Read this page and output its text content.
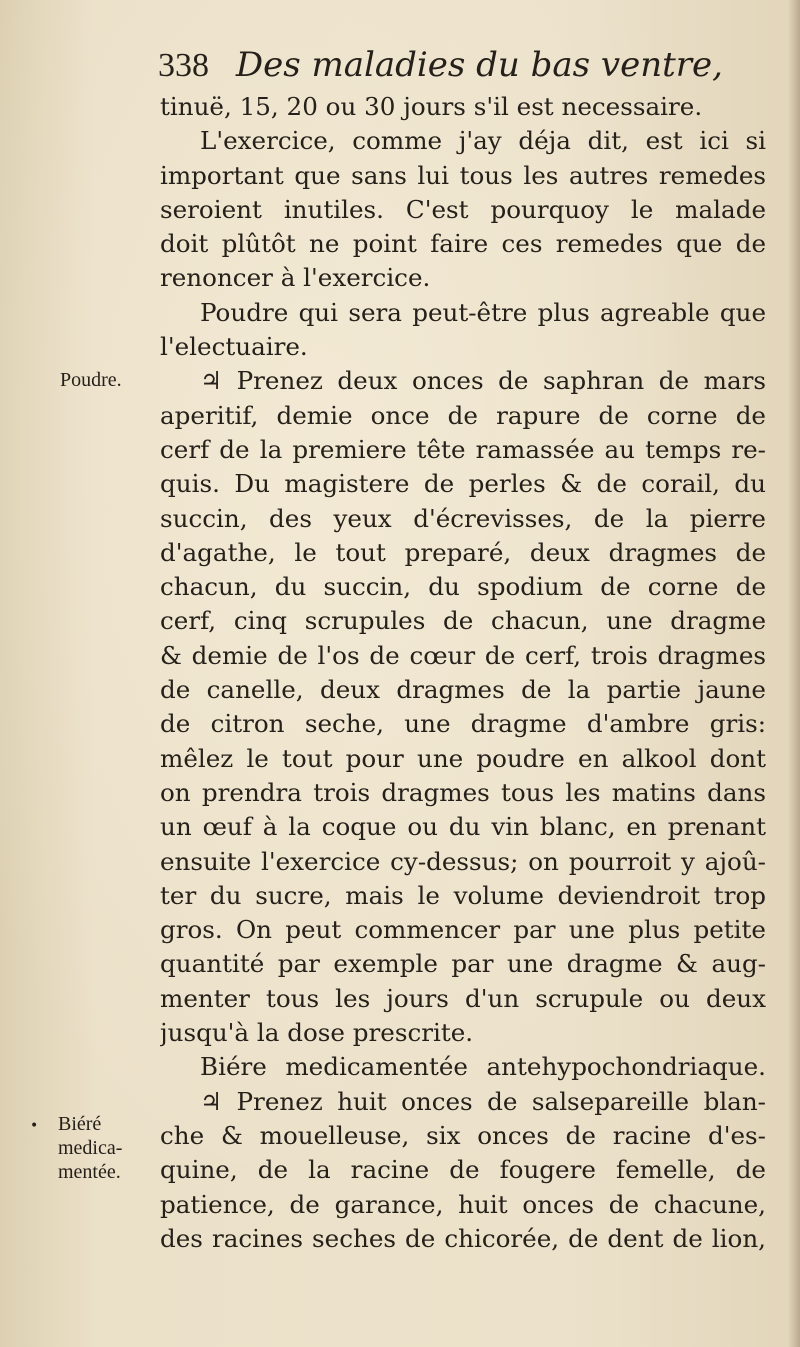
338 Des maladies du bas ventre,
Poudre.
• Biéré
medica-
mentée.
tinuë, 15, 20 ou 30 jours s'il est necessaire.
L'exercice, comme j'ay déja dit, est ici si
important que sans lui tous les autres remedes
seroient inutiles. C'est pourquoy le malade
doit plûtôt ne point faire ces remedes que de
renoncer à l'exercice.
Poudre qui sera peut-être plus agreable que
l'electuaire.
♃ Prenez deux onces de saphran de mars
aperitif, demie once de rapure de corne de
cerf de la premiere tête ramassée au temps re-
quis. Du magistere de perles & de corail, du
succin, des yeux d'écrevisses, de la pierre
d'agathe, le tout preparé, deux dragmes de
chacun, du succin, du spodium de corne de
cerf, cinq scrupules de chacun, une dragme
& demie de l'os de cœur de cerf, trois dragmes
de canelle, deux dragmes de la partie jaune
de citron seche, une dragme d'ambre gris:
mêlez le tout pour une poudre en alkool dont
on prendra trois dragmes tous les matins dans
un œuf à la coque ou du vin blanc, en prenant
ensuite l'exercice cy-dessus; on pourroit y ajoû-
ter du sucre, mais le volume deviendroit trop
gros. On peut commencer par une plus petite
quantité par exemple par une dragme & aug-
menter tous les jours d'un scrupule ou deux
jusqu'à la dose prescrite.
Biére medicamentée antehypochondriaque.
♃ Prenez huit onces de salsepareille blan-
che & mouelleuse, six onces de racine d'es-
quine, de la racine de fougere femelle, de
patience, de garance, huit onces de chacune,
des racines seches de chicorée, de dent de lion,
